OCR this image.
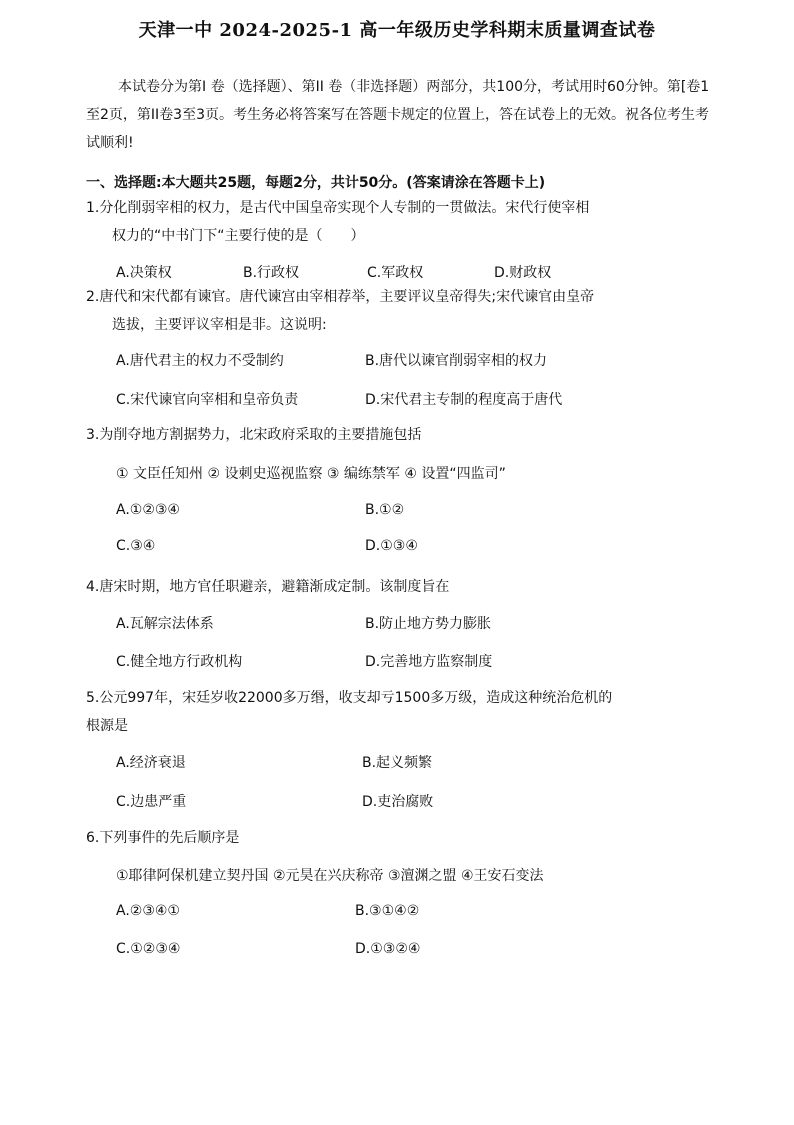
天津一中 2024-2025-1 高一年级历史学科期末质量调查试卷
本试卷分为第I 卷（选择题）、第II 卷（非选择题）两部分，共100分，考试用时60分钟。第[卷1至2页，第II卷3至3页。考生务必将答案写在答题卡规定的位置上，答在试卷上的无效。祝各位考生考试顺利!
一、选择题:本大题共25题，每题2分，共计50分。(答案请涂在答题卡上)
1.分化削弱宰相的权力，是古代中国皇帝实现个人专制的一贯做法。宋代行使宰相
权力的“中书门下“主要行使的是（　　）
A.决策权	B.行政权	C.军政权	D.财政权
2.唐代和宋代都有谏官。唐代谏宫由宰相荐举，主要评议皇帝得失;宋代谏官由皇帝
选拔，主要评议宰相是非。这说明:
A.唐代君主的权力不受制约	B.唐代以谏官削弱宰相的权力
C.宋代谏官向宰相和皇帝负责	D.宋代君主专制的程度高于唐代
3.为削夺地方割据势力，北宋政府采取的主要措施包括
① 文臣任知州 ② 设刺史巡视监察 ③ 编练禁军 ④ 设置“四监司”
A.①②③④	B.①②
C.③④	D.①③④
4.唐宋时期，地方官任职避亲，避籍渐成定制。该制度旨在
A.瓦解宗法体系	B.防止地方势力膨胀
C.健全地方行政机构	D.完善地方监察制度
5.公元997年，宋廷岁收22000多万缗，收支却亏1500多万级，造成这种统治危机的
根源是
A.经济衰退	B.起义频繁
C.边患严重	D.吏治腐败
6.下列事件的先后顺序是
①耶律阿保机建立契丹国 ②元昊在兴庆称帝 ③澶渊之盟 ④王安石变法
A.②③④①	B.③①④②
C.①②③④	D.①③②④
